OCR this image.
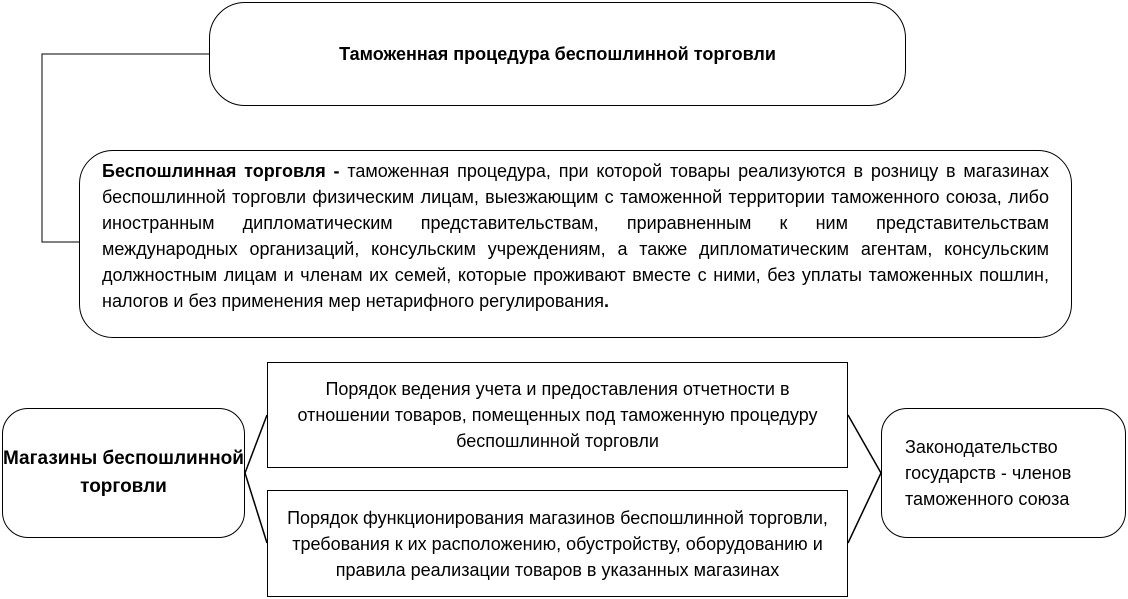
Таможенная процедура беспошлинной торговли
Беспошлинная торговля - таможенная процедура, при которой товары реализуются в розницу в магазинах беспошлинной торговли физическим лицам, выезжающим с таможенной территории таможенного союза, либо иностранным дипломатическим представительствам, приравненным к ним представительствам международных организаций, консульским учреждениям, а также дипломатическим агентам, консульским должностным лицам и членам их семей, которые проживают вместе с ними, без уплаты таможенных пошлин, налогов и без применения мер нетарифного регулирования.
Магазины беспошлинной торговли
Порядок ведения учета и предоставления отчетности в отношении товаров, помещенных под таможенную процедуру беспошлинной торговли
Порядок функционирования магазинов беспошлинной торговли, требования к их расположению, обустройству, оборудованию и правила реализации товаров в указанных магазинах
Законодательство государств - членов таможенного союза
